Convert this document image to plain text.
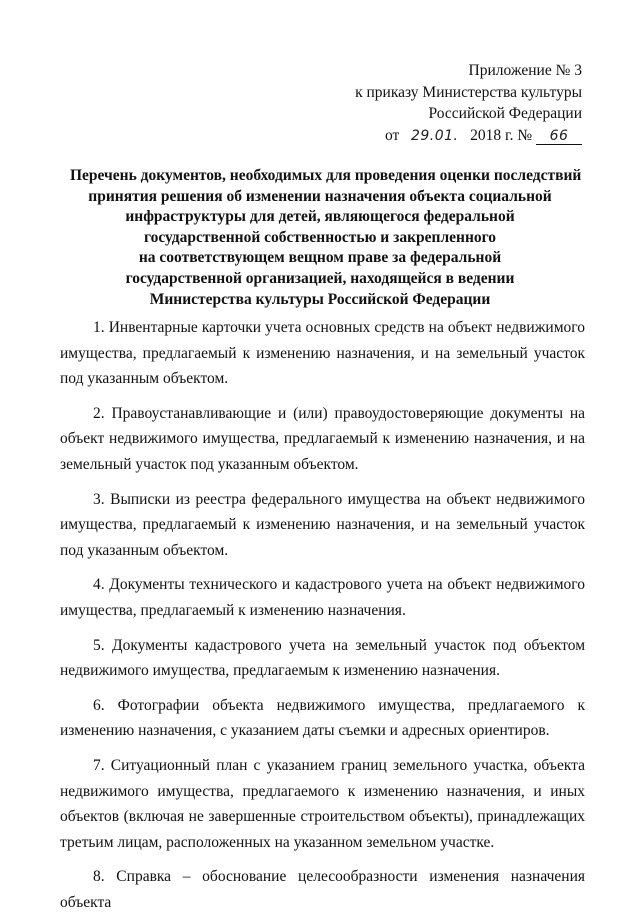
Приложение № 3
к приказу Министерства культуры
Российской Федерации
от 29.01. 2018 г. № 66
Перечень документов, необходимых для проведения оценки последствий
принятия решения об изменении назначения объекта социальной
инфраструктуры для детей, являющегося федеральной
государственной собственностью и закрепленного
на соответствующем вещном праве за федеральной
государственной организацией, находящейся в ведении
Министерства культуры Российской Федерации

1. Инвентарные карточки учета основных средств на объект недвижимого имущества, предлагаемый к изменению назначения, и на земельный участок под указанным объектом.

2. Правоустанавливающие и (или) правоудостоверяющие документы на объект недвижимого имущества, предлагаемый к изменению назначения, и на земельный участок под указанным объектом.

3. Выписки из реестра федерального имущества на объект недвижимого имущества, предлагаемый к изменению назначения, и на земельный участок под указанным объектом.

4. Документы технического и кадастрового учета на объект недвижимого имущества, предлагаемый к изменению назначения.

5. Документы кадастрового учета на земельный участок под объектом недвижимого имущества, предлагаемым к изменению назначения.

6. Фотографии объекта недвижимого имущества, предлагаемого к изменению назначения, с указанием даты съемки и адресных ориентиров.

7. Ситуационный план с указанием границ земельного участка, объекта недвижимого имущества, предлагаемого к изменению назначения, и иных объектов (включая не завершенные строительством объекты), принадлежащих третьим лицам, расположенных на указанном земельном участке.

8. Справка – обоснование целесообразности изменения назначения объекта
